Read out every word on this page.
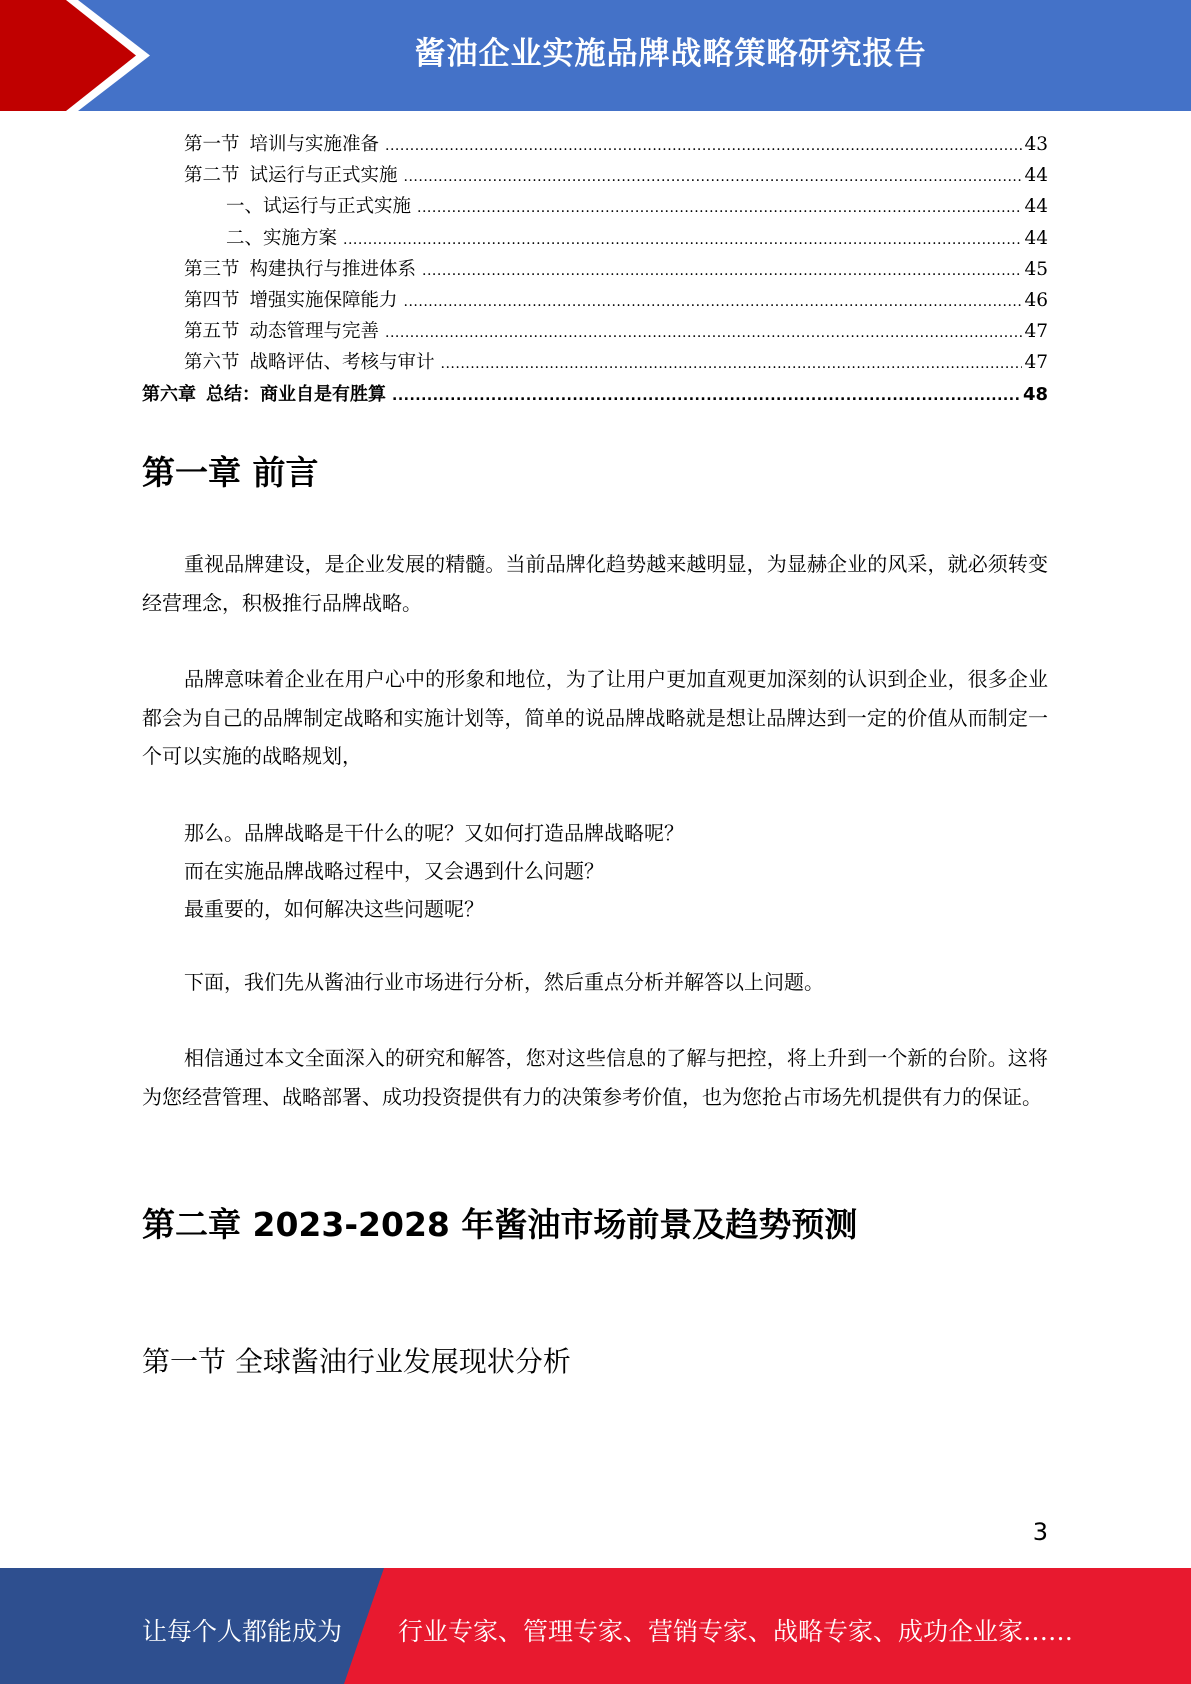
酱油企业实施品牌战略策略研究报告
第一节 培训与实施准备 .....	43
第二节 试运行与正式实施 .....	44
一、试运行与正式实施 .....	44
二、实施方案 .....	44
第三节 构建执行与推进体系 .....	45
第四节 增强实施保障能力 .....	46
第五节 动态管理与完善 .....	47
第六节 战略评估、考核与审计 .....	47
第六章 总结：商业自是有胜算 .....	48
第一章 前言

重视品牌建设，是企业发展的精髓。当前品牌化趋势越来越明显，为显赫企业的风采，就必须转变经营理念，积极推行品牌战略。

品牌意味着企业在用户心中的形象和地位，为了让用户更加直观更加深刻的认识到企业，很多企业都会为自己的品牌制定战略和实施计划等，简单的说品牌战略就是想让品牌达到一定的价值从而制定一个可以实施的战略规划，

那么。品牌战略是干什么的呢？又如何打造品牌战略呢？

而在实施品牌战略过程中，又会遇到什么问题？

最重要的，如何解决这些问题呢？

下面，我们先从酱油行业市场进行分析，然后重点分析并解答以上问题。

相信通过本文全面深入的研究和解答，您对这些信息的了解与把控，将上升到一个新的台阶。这将为您经营管理、战略部署、成功投资提供有力的决策参考价值，也为您抢占市场先机提供有力的保证。

第二章 2023-2028 年酱油市场前景及趋势预测
第一节 全球酱油行业发展现状分析
3
让每个人都能成为 行业专家、管理专家、营销专家、战略专家、成功企业家……
